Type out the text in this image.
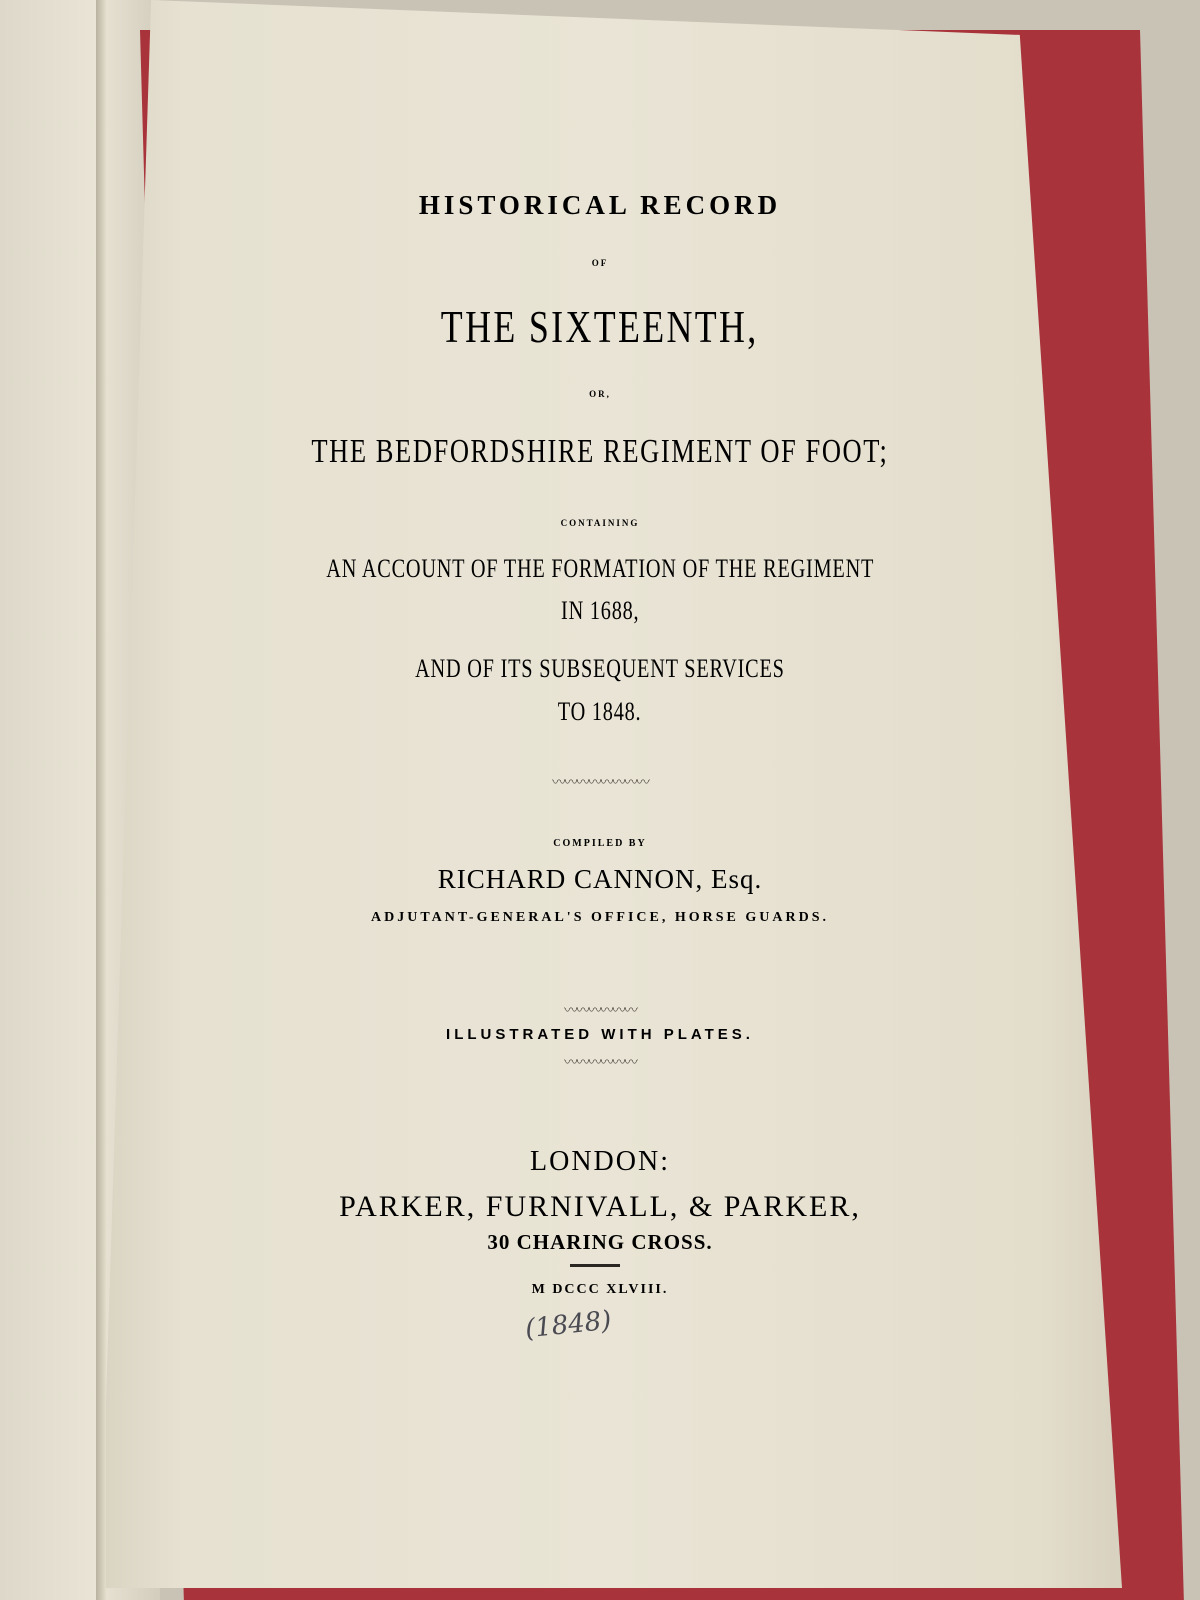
HISTORICAL RECORD
OF
THE SIXTEENTH,
OR,
THE BEDFORDSHIRE REGIMENT OF FOOT;
CONTAINING
AN ACCOUNT OF THE FORMATION OF THE REGIMENT
IN 1688,
AND OF ITS SUBSEQUENT SERVICES
TO 1848.
〰〰〰〰〰〰〰〰
COMPILED BY
RICHARD CANNON, Esq.
ADJUTANT-GENERAL'S OFFICE, HORSE GUARDS.
〰〰〰〰〰〰
ILLUSTRATED WITH PLATES.
〰〰〰〰〰〰
LONDON:
PARKER, FURNIVALL, & PARKER,
30 CHARING CROSS.
M DCCC XLVIII.
(1848)
